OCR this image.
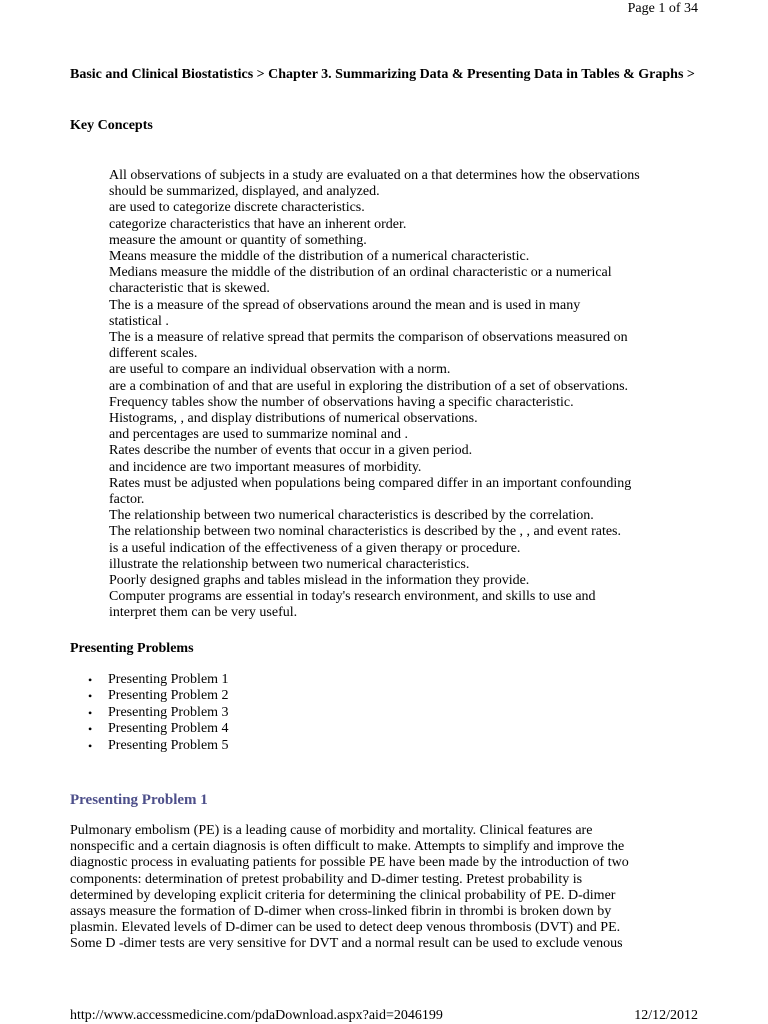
Page 1 of 34
Basic and Clinical Biostatistics > Chapter 3. Summarizing Data & Presenting Data in Tables & Graphs >
Key Concepts
All observations of subjects in a study are evaluated on a that determines how the observations
should be summarized, displayed, and analyzed.
are used to categorize discrete characteristics.
categorize characteristics that have an inherent order.
measure the amount or quantity of something.
Means measure the middle of the distribution of a numerical characteristic.
Medians measure the middle of the distribution of an ordinal characteristic or a numerical
characteristic that is skewed.
The is a measure of the spread of observations around the mean and is used in many
statistical .
The is a measure of relative spread that permits the comparison of observations measured on
different scales.
are useful to compare an individual observation with a norm.
are a combination of and that are useful in exploring the distribution of a set of observations.
Frequency tables show the number of observations having a specific characteristic.
Histograms, , and display distributions of numerical observations.
and percentages are used to summarize nominal and .
Rates describe the number of events that occur in a given period.
and incidence are two important measures of morbidity.
Rates must be adjusted when populations being compared differ in an important confounding
factor.
The relationship between two numerical characteristics is described by the correlation.
The relationship between two nominal characteristics is described by the , , and event rates.
is a useful indication of the effectiveness of a given therapy or procedure.
illustrate the relationship between two numerical characteristics.
Poorly designed graphs and tables mislead in the information they provide.
Computer programs are essential in today's research environment, and skills to use and
interpret them can be very useful.
Presenting Problems
• Presenting Problem 1
• Presenting Problem 2
• Presenting Problem 3
• Presenting Problem 4
• Presenting Problem 5
Presenting Problem 1
Pulmonary embolism (PE) is a leading cause of morbidity and mortality. Clinical features are
nonspecific and a certain diagnosis is often difficult to make. Attempts to simplify and improve the
diagnostic process in evaluating patients for possible PE have been made by the introduction of two
components: determination of pretest probability and D-dimer testing. Pretest probability is
determined by developing explicit criteria for determining the clinical probability of PE. D-dimer
assays measure the formation of D-dimer when cross-linked fibrin in thrombi is broken down by
plasmin. Elevated levels of D-dimer can be used to detect deep venous thrombosis (DVT) and PE.
Some D -dimer tests are very sensitive for DVT and a normal result can be used to exclude venous
http://www.accessmedicine.com/pdaDownload.aspx?aid=2046199	12/12/2012
